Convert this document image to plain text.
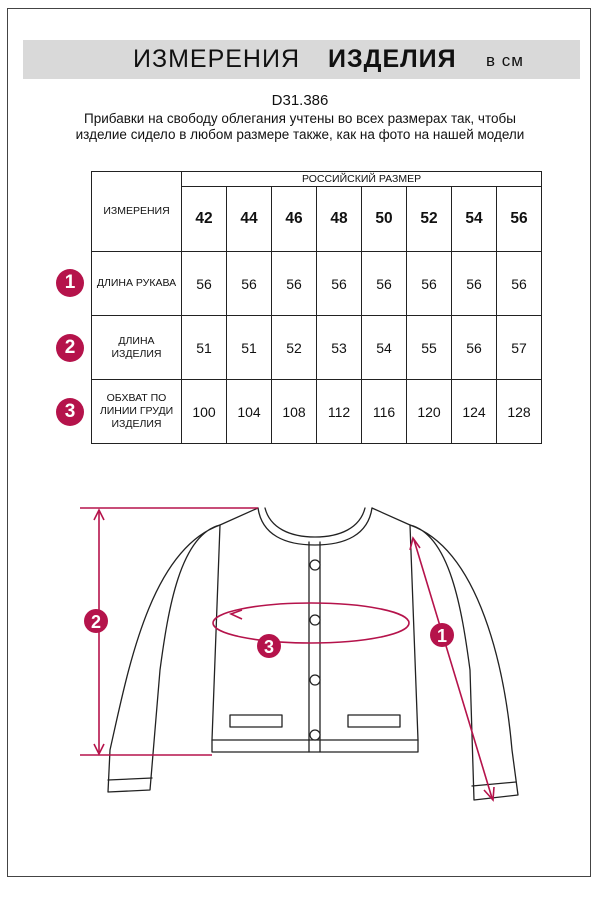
ИЗМЕРЕНИЯ ИЗДЕЛИЯ в см
D31.386
Прибавки на свободу облегания учтены во всех размерах так, чтобы изделие сидело в любом размере также, как на фото на нашей модели
ИЗМЕРЕНИЯ	РОССИЙСКИЙ РАЗМЕР							
	42	44	46	48	50	52	54	56
ДЛИНА РУКАВА	56	56	56	56	56	56	56	56
ДЛИНА ИЗДЕЛИЯ	51	51	52	53	54	55	56	57
ОБХВАТ ПО ЛИНИИ ГРУДИ ИЗДЕЛИЯ	100	104	108	112	116	120	124	128
1
2
3
1
2
3
